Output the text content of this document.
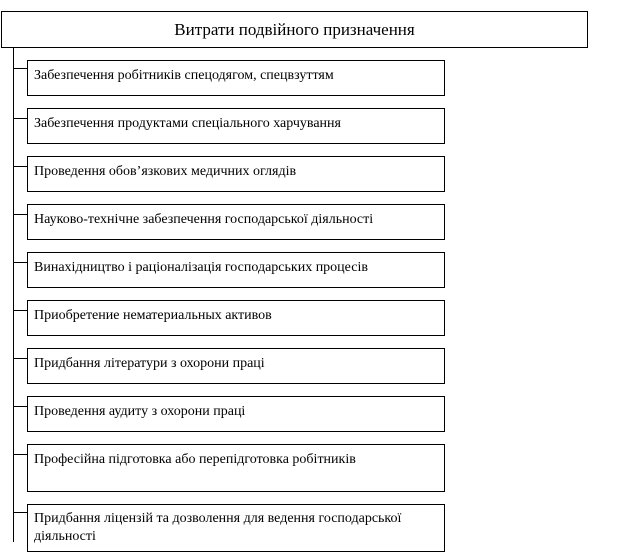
Витрати подвійного призначення
Забезпечення робітників спецодягом, спецвзуттям
Забезпечення продуктами спеціального харчування
Проведення обов’язкових медичних оглядів
Науково-технічне забезпечення господарської діяльності
Винахідництво і раціоналізація господарських процесів
Приобретение нематериальных активов
Придбання літератури з охорони праці
Проведення аудиту з охорони праці
Професійна підготовка або перепідготовка робітників
Придбання ліцензій та дозволення для ведення господарської діяльності
